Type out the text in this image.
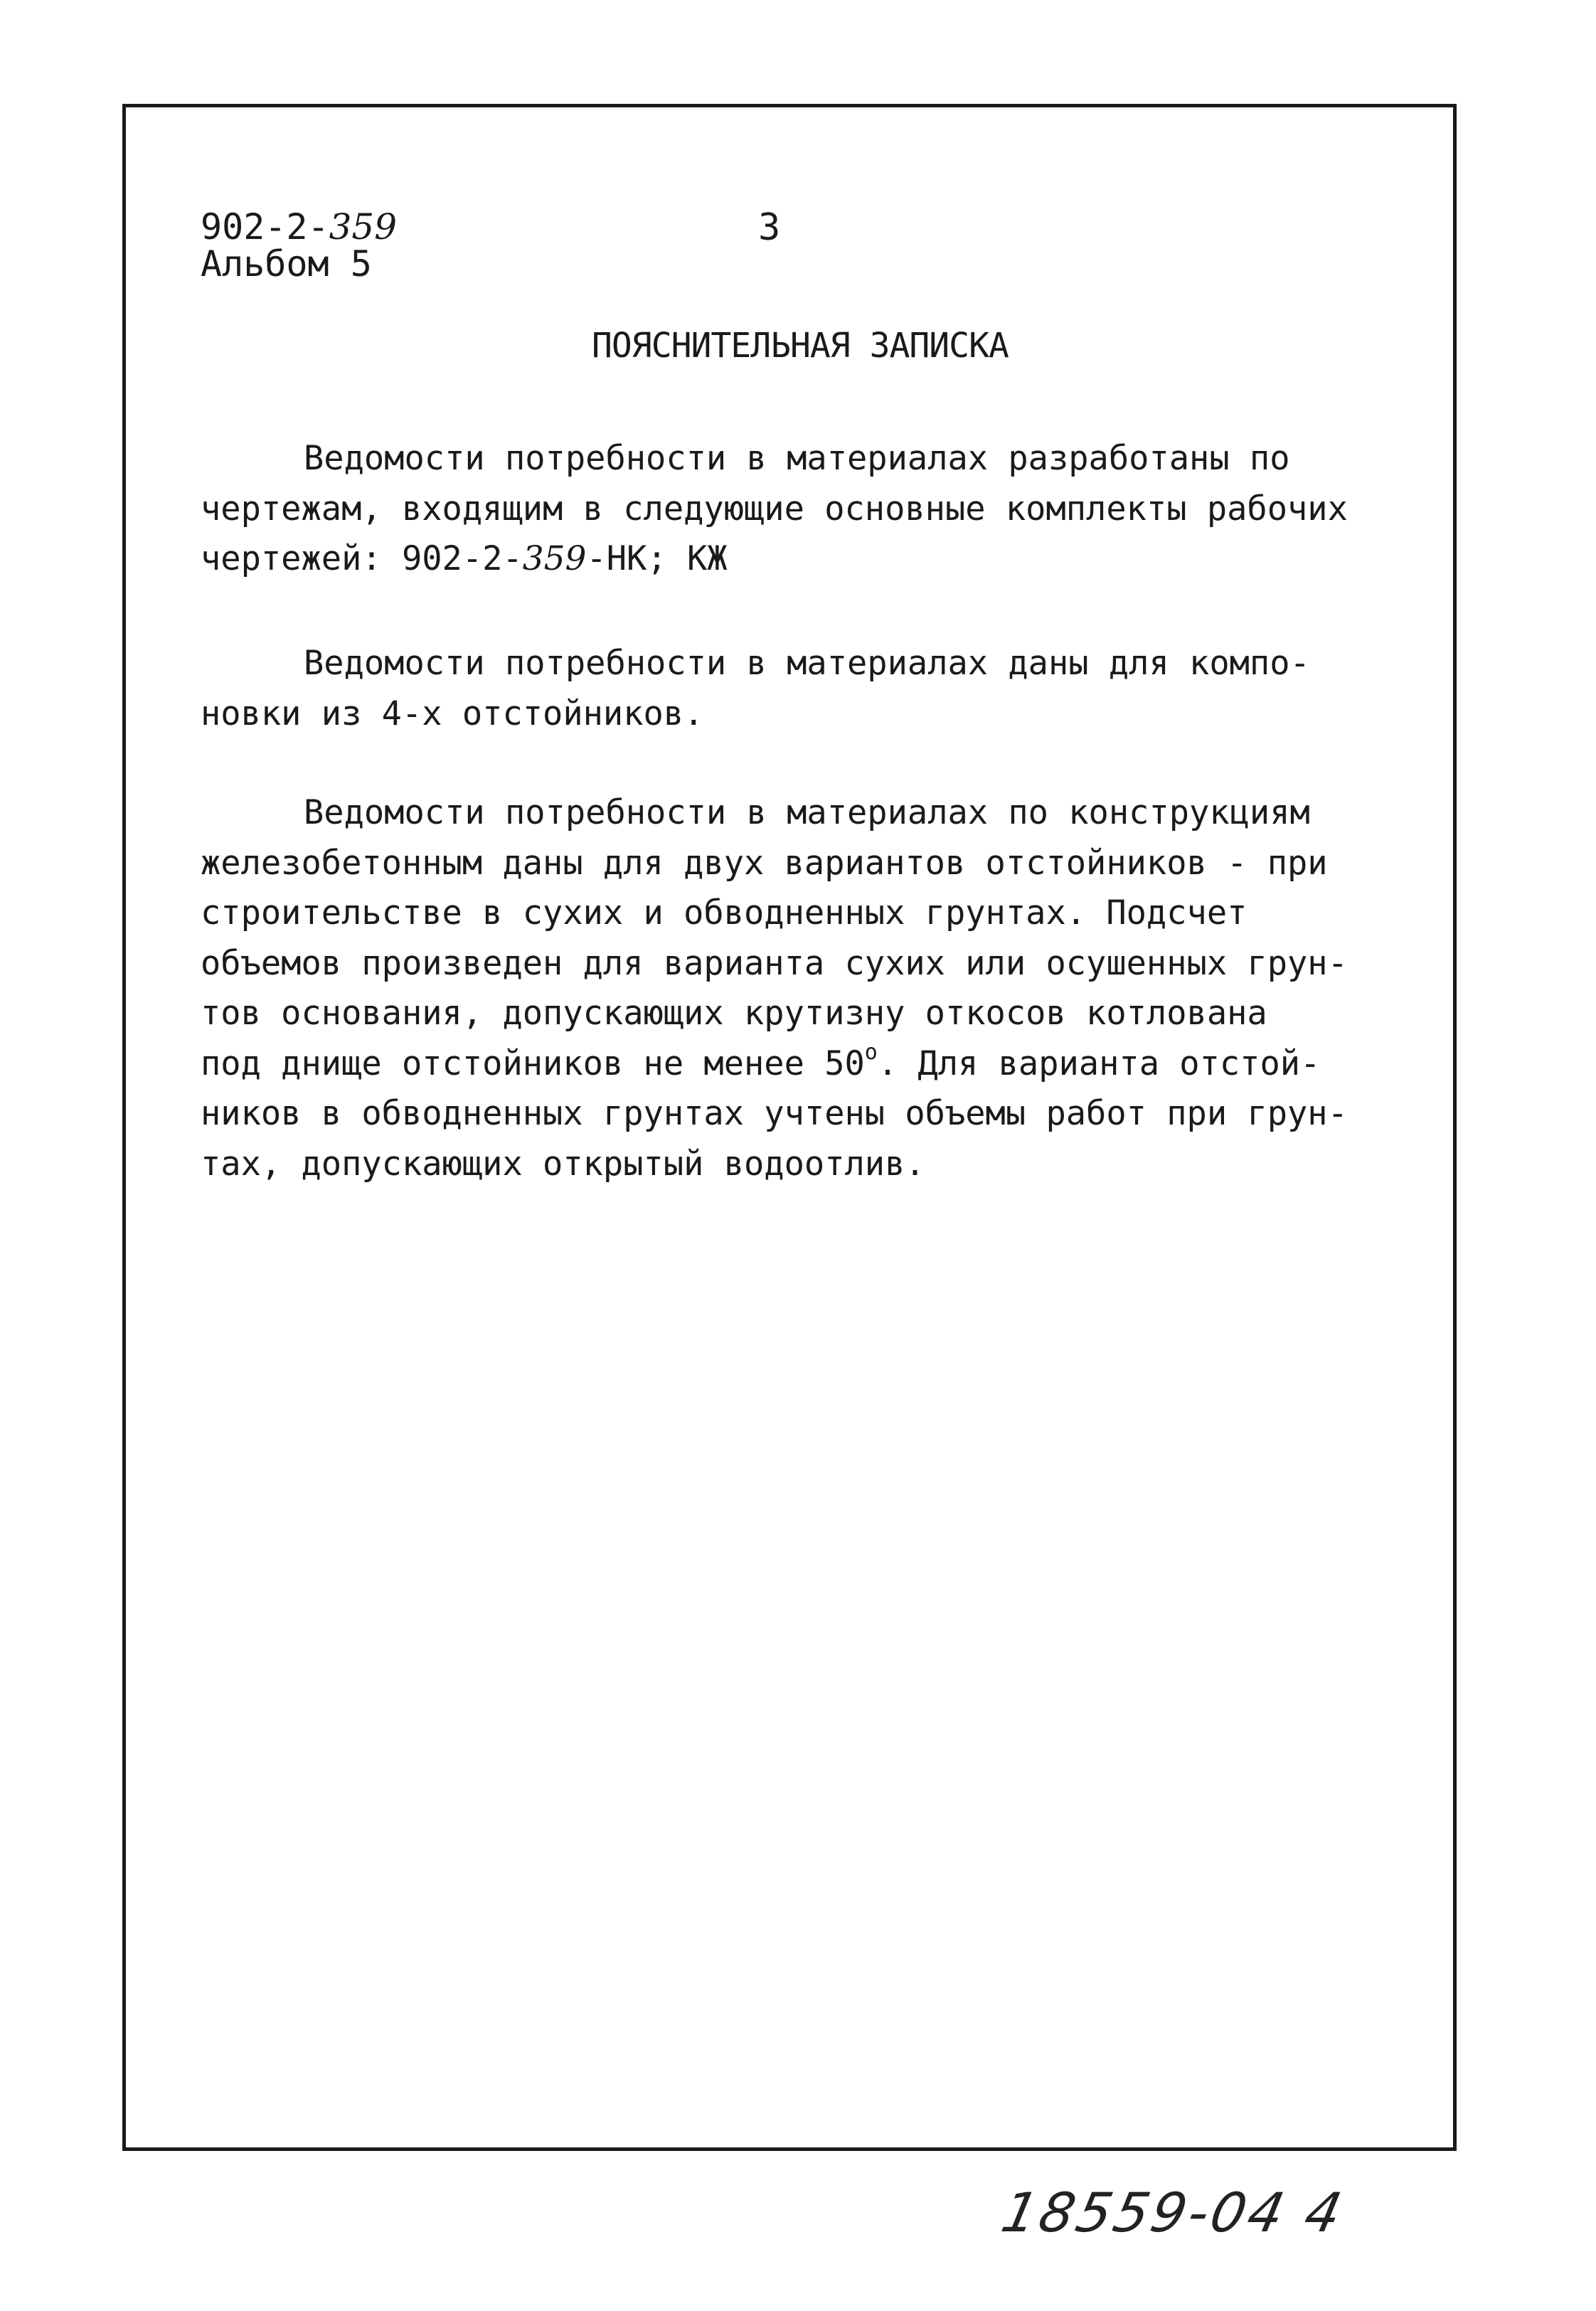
902-2-359
Альбом 5
3
ПОЯСНИТЕЛЬНАЯ ЗАПИСКА
Ведомости потребности в материалах разработаны по
чертежам, входящим в следующие основные комплекты рабочих
чертежей: 902-2-359-НК; КЖ
Ведомости потребности в материалах даны для компо-
новки из 4-х отстойников.
Ведомости потребности в материалах по конструкциям
железобетонным даны для двух вариантов отстойников - при
строительстве в сухих и обводненных грунтах. Подсчет
объемов произведен для варианта сухих или осушенных грун-
тов основания, допускающих крутизну откосов котлована
под днище отстойников не менее 50$^o$. Для варианта отстой-
ников в обводненных грунтах учтены объемы работ при грун-
тах, допускающих открытый водоотлив.
18559-04 4
